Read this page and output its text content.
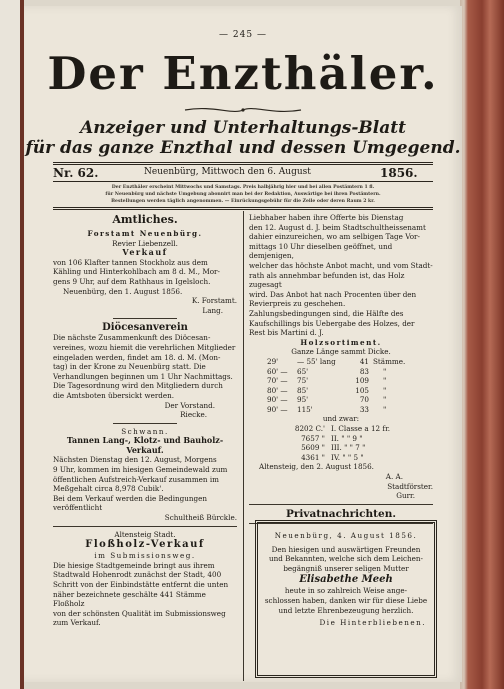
— 245 —
Der Enzthäler.
Anzeiger und Unterhaltungs-Blatt
für das ganze Enzthal und dessen Umgegend.
Nr. 62.	Neuenbürg, Mittwoch den 6. August	1856.
Der Enzthäler erscheint Mittwochs und Samstags. Preis halbjährig hier und bei allen Postämtern 1 fl.
für Neuenbürg und nächste Umgebung abonnirt man bei der Redaktion, Auswärtige bei ihren Postämtern.
Bestellungen werden täglich angenommen. — Einrückungsgebühr für die Zeile oder deren Raum 2 kr.
Amtliches.
Forstamt Neuenbürg.
Revier Liebenzell.
Verkauf
von 106 Klafter tannen Stockholz aus dem
Kähling und Hinterkohlbach am 8 d. M., Mor-
gens 9 Uhr, auf dem Rathhaus in Igelsloch.
Neuenbürg, den 1. August 1856.
K. Forstamt.
Lang.
Diöcesanverein
Die nächste Zusammenkunft des Diöcesan-
vereines, wozu hiemit die verehrlichen Mitglieder
eingeladen werden, findet am 18. d. M. (Mon-
tag) in der Krone zu Neuenbürg statt. Die
Verhandlungen beginnen um 1 Uhr Nachmittags.
Die Tagesordnung wird den Mitgliedern durch
die Amtsboten übersickt werden.
Der Vorstand.
Riecke.
Schwann.
Tannen Lang-, Klotz- und Bauholz-
Verkauf.
Nächsten Dienstag den 12. August, Morgens
9 Uhr, kommen im hiesigen Gemeindewald zum
öffentlichen Aufstreich-Verkauf zusammen im
Meßgehalt circa 8,978 Cubik'.
Bei dem Verkauf werden die Bedingungen
veröffentlicht
Schultheiß Bürckle.
Altensteig Stadt.
Floßholz-Verkauf
im Submissionsweg.
Die hiesige Stadtgemeinde bringt aus ihrem
Stadtwald Hohenrodt zunächst der Stadt, 400
Schritt von der Einbindstätte entfernt die unten
näher bezeichnete geschälte 441 Stämme Floßholz
von der schönsten Qualität im Submissionsweg
zum Verkauf.
Liebhaber haben ihre Offerte bis Dienstag
den 12. August d. J. beim Stadtschultheissenamt
dahier einzureichen, wo am selbigen Tage Vor-
mittags 10 Uhr dieselben geöffnet, und demjenigen,
welcher das höchste Anbot macht, und vom Stadt-
rath als annehmbar befunden ist, das Holz zugesagt
wird. Das Anbot hat nach Procenten über den
Revierpreis zu geschehen.
Zahlungsbedingungen sind, die Hälfte des
Kaufschillings bis Uebergabe des Holzes, der
Rest bis Martini d. J.
Holzsortiment.
Ganze Länge sammt Dicke.
29'	— 55' lang	41	Stämme.
60' —	65'	83	"
70' —	75'	109	"
80' —	85'	105	"
90' —	95'	70	"
90' —	115'	33	"
und zwar:
8202 C.'	I. Classe a 12 fr.
7657 "	II. " " 9 "
5609 "	III. " " 7 "
4361 "	IV. " " 5 "
Altensteig, den 2. August 1856.
A. A.
Stadtförster.
Gurr.
Privatnachrichten.
Neuenbürg, 4. August 1856.
Den hiesigen und auswärtigen Freunden
und Bekannten, welche sich dem Leichen-
begängniß unserer seligen Mutter
Elisabethe Meeh
heute in so zahlreich Weise ange-
schlossen haben, danken wir für diese Liebe
und letzte Ehrenbezeugung herzlich.
Die Hinterbliebenen.
